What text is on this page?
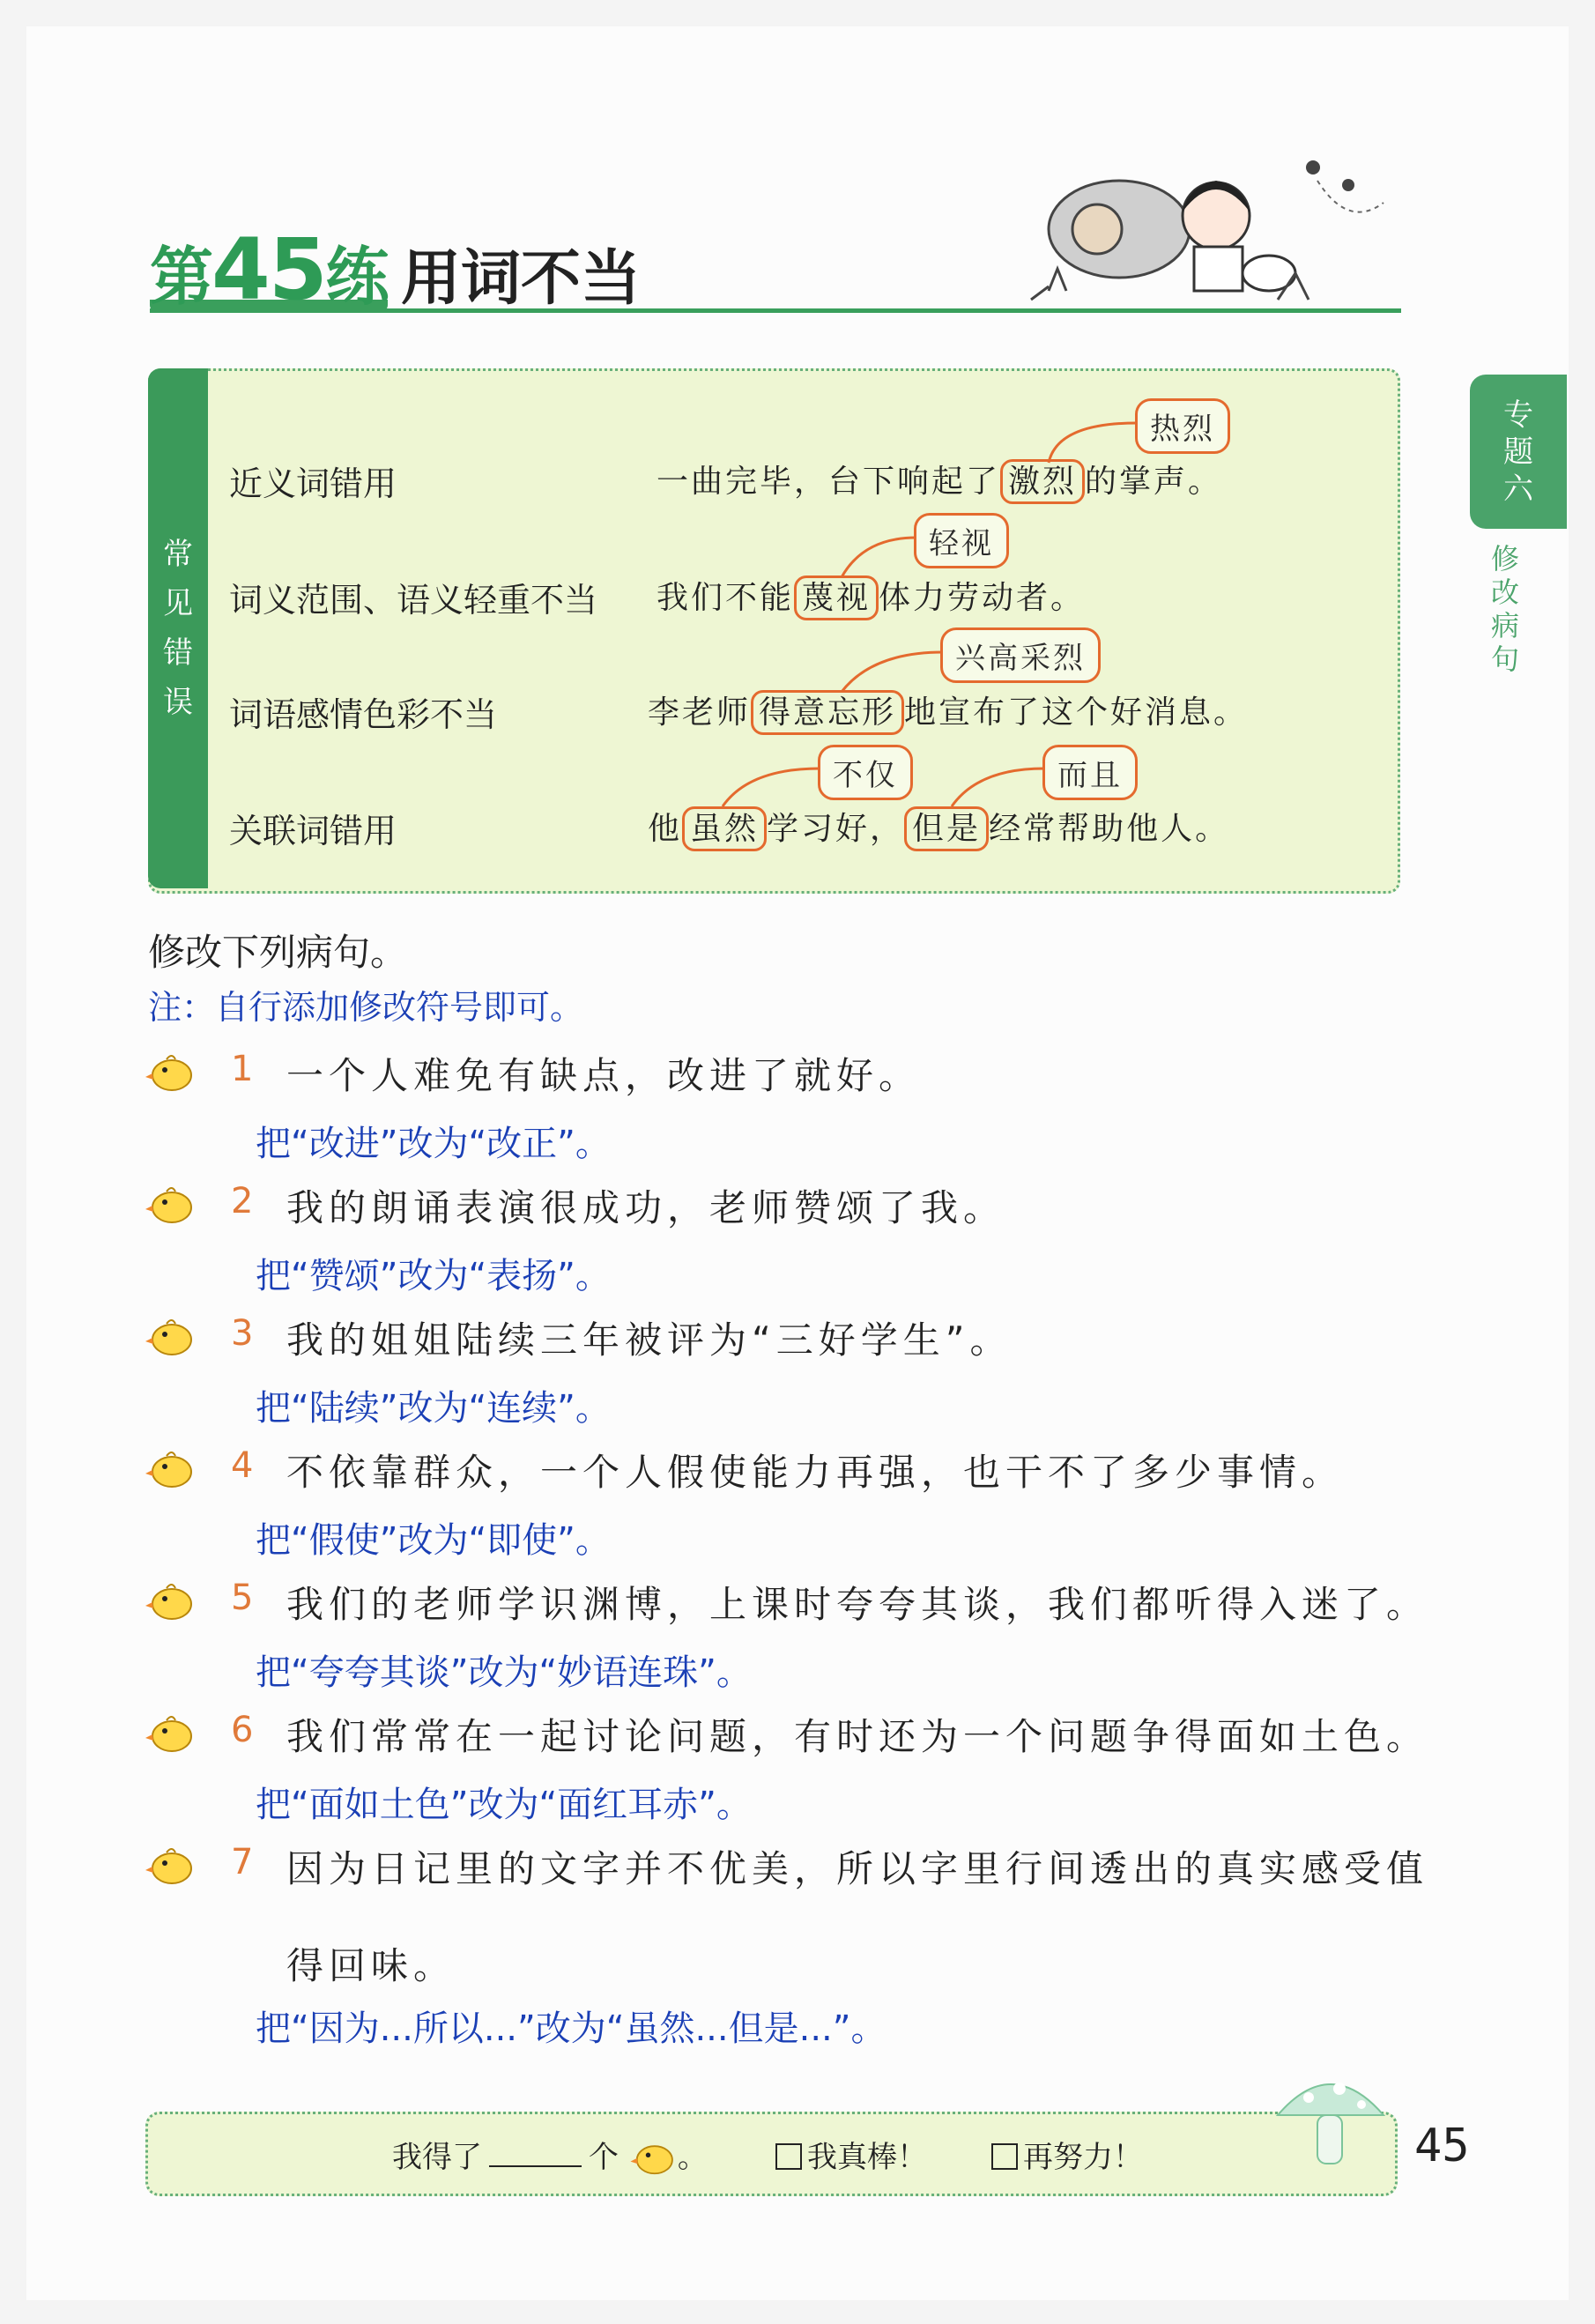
第45练 用词不当
专
题
六
修
改
病
句
常
见
错
误
近义词错用	一曲完毕，台下响起了 激烈 的掌声。
热烈
词义范围、语义轻重不当 我们不能 蔑视 体力劳动者。
轻视
词语感情色彩不当	李老师 得意忘形 地宣布了这个好消息。
兴高采烈
关联词错用	他 虽然 学习好， 但是 经常帮助他人。
不仅	而且
修改下列病句。
注：自行添加修改符号即可。
1 一个人难免有缺点，改进了就好。
把“改进”改为“改正”。
2 我的朗诵表演很成功，老师赞颂了我。
把“赞颂”改为“表扬”。
3 我的姐姐陆续三年被评为“三好学生”。
把“陆续”改为“连续”。
4 不依靠群众，一个人假使能力再强，也干不了多少事情。
把“假使”改为“即使”。
5 我们的老师学识渊博，上课时夸夸其谈，我们都听得入迷了。
把“夸夸其谈”改为“妙语连珠”。
6 我们常常在一起讨论问题，有时还为一个问题争得面如土色。
把“面如土色”改为“面红耳赤”。
7 因为日记里的文字并不优美，所以字里行间透出的真实感受值
得回味。
把“因为...所以...”改为“虽然...但是...”。
我得了	个 。	我真棒！	再努力！	45
